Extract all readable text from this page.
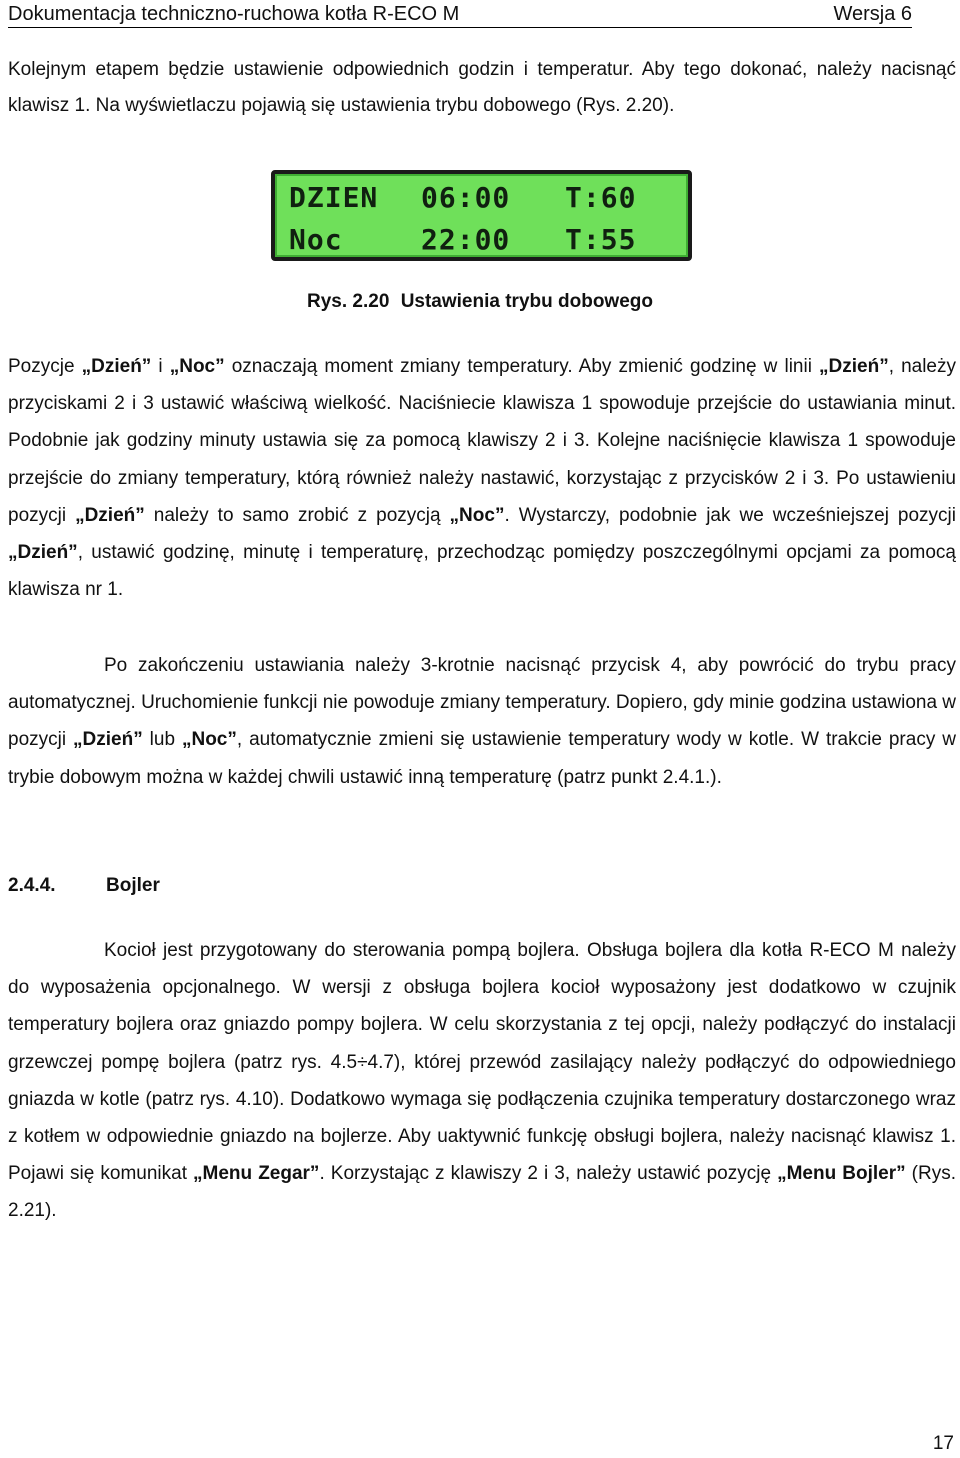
Dokumentacja techniczno-ruchowa kotła R-ECO M	Wersja 6
Kolejnym etapem będzie ustawienie odpowiednich godzin i temperatur. Aby tego dokonać, należy nacisnąć klawisz 1. Na wyświetlaczu pojawią się ustawienia trybu dobowego (Rys. 2.20).
DZIEN 06:00 T:60
Noc	22:00 T:55
Rys. 2.20 Ustawienia trybu dobowego
Pozycje „Dzień” i „Noc” oznaczają moment zmiany temperatury. Aby zmienić godzinę w linii „Dzień”, należy przyciskami 2 i 3 ustawić właściwą wielkość. Naciśniecie klawisza 1 spowoduje przejście do ustawiania minut. Podobnie jak godziny minuty ustawia się za pomocą klawiszy 2 i 3. Kolejne naciśnięcie klawisza 1 spowoduje przejście do zmiany temperatury, którą również należy nastawić, korzystając z przycisków 2 i 3. Po ustawieniu pozycji „Dzień” należy to samo zrobić z pozycją „Noc”. Wystarczy, podobnie jak we wcześniejszej pozycji „Dzień”, ustawić godzinę, minutę i temperaturę, przechodząc pomiędzy poszczególnymi opcjami za pomocą klawisza nr 1.
Po zakończeniu ustawiania należy 3-krotnie nacisnąć przycisk 4, aby powrócić do trybu pracy automatycznej. Uruchomienie funkcji nie powoduje zmiany temperatury. Dopiero, gdy minie godzina ustawiona w pozycji „Dzień” lub „Noc”, automatycznie zmieni się ustawienie temperatury wody w kotle. W trakcie pracy w trybie dobowym można w każdej chwili ustawić inną temperaturę (patrz punkt 2.4.1.).
2.4.4.	Bojler
Kocioł jest przygotowany do sterowania pompą bojlera. Obsługa bojlera dla kotła R-ECO M należy do wyposażenia opcjonalnego. W wersji z obsługa bojlera kocioł wyposażony jest dodatkowo w czujnik temperatury bojlera oraz gniazdo pompy bojlera. W celu skorzystania z tej opcji, należy podłączyć do instalacji grzewczej pompę bojlera (patrz rys. 4.5÷4.7), której przewód zasilający należy podłączyć do odpowiedniego gniazda w kotle (patrz rys. 4.10). Dodatkowo wymaga się podłączenia czujnika temperatury dostarczonego wraz z kotłem w odpowiednie gniazdo na bojlerze. Aby uaktywnić funkcję obsługi bojlera, należy nacisnąć klawisz 1. Pojawi się komunikat „Menu Zegar”. Korzystając z klawiszy 2 i 3, należy ustawić pozycję „Menu Bojler” (Rys. 2.21).
17
